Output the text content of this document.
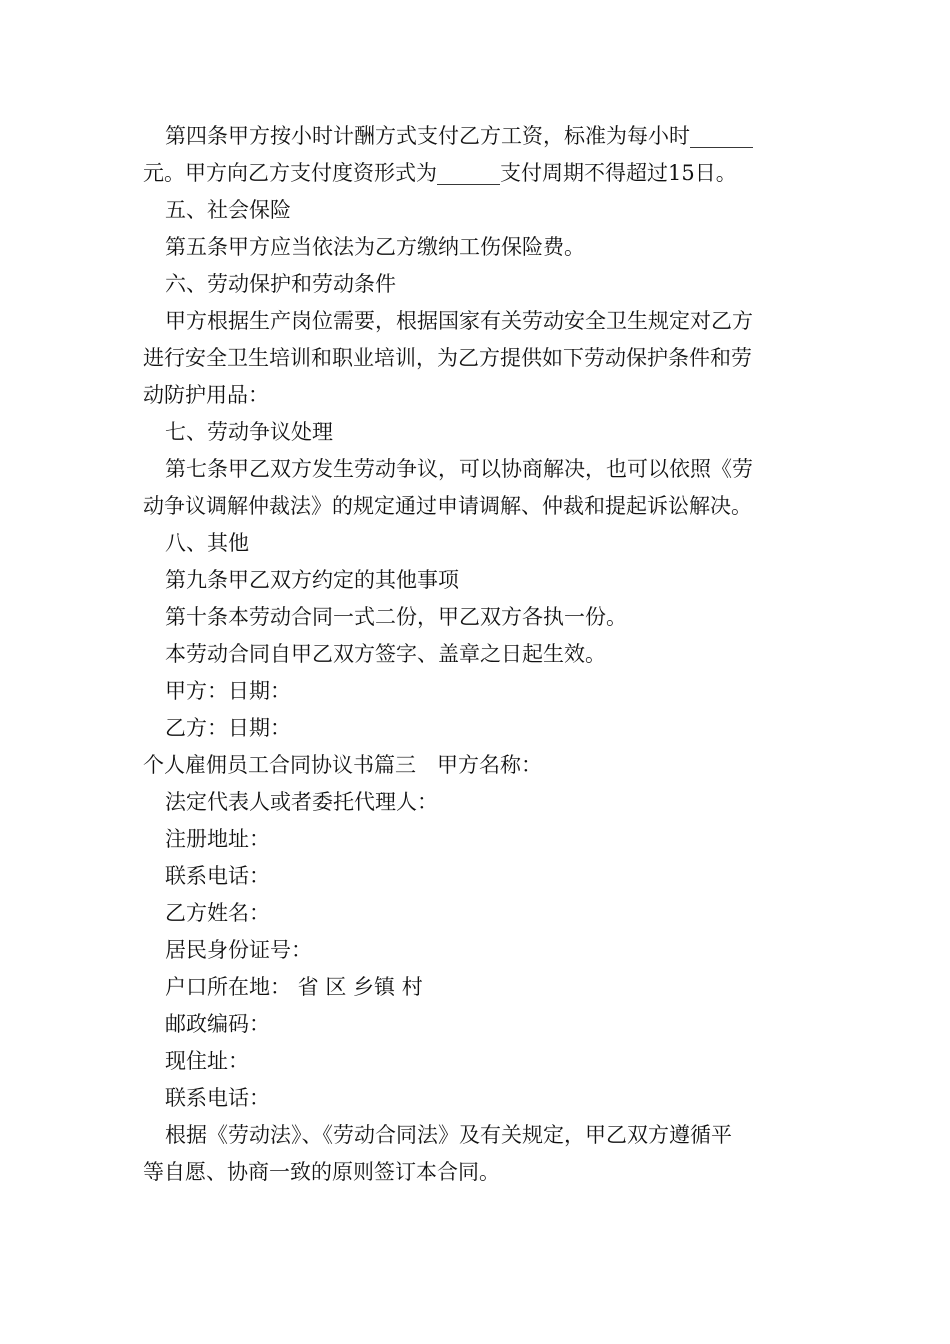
第四条甲方按小时计酬方式支付乙方工资，标准为每小时______
元。甲方向乙方支付度资形式为______支付周期不得超过15日。
五、社会保险
第五条甲方应当依法为乙方缴纳工伤保险费。
六、劳动保护和劳动条件
甲方根据生产岗位需要，根据国家有关劳动安全卫生规定对乙方
进行安全卫生培训和职业培训，为乙方提供如下劳动保护条件和劳
动防护用品：
七、劳动争议处理
第七条甲乙双方发生劳动争议，可以协商解决，也可以依照《劳
动争议调解仲裁法》的规定通过申请调解、仲裁和提起诉讼解决。
八、其他
第九条甲乙双方约定的其他事项
第十条本劳动合同一式二份，甲乙双方各执一份。
本劳动合同自甲乙双方签字、盖章之日起生效。
甲方：日期：
乙方：日期：
个人雇佣员工合同协议书篇三　甲方名称：
法定代表人或者委托代理人：
注册地址：
联系电话：
乙方姓名：
居民身份证号：
户口所在地： 省 区 乡镇 村
邮政编码：
现住址：
联系电话：
根据《劳动法》、《劳动合同法》及有关规定，甲乙双方遵循平
等自愿、协商一致的原则签订本合同。
